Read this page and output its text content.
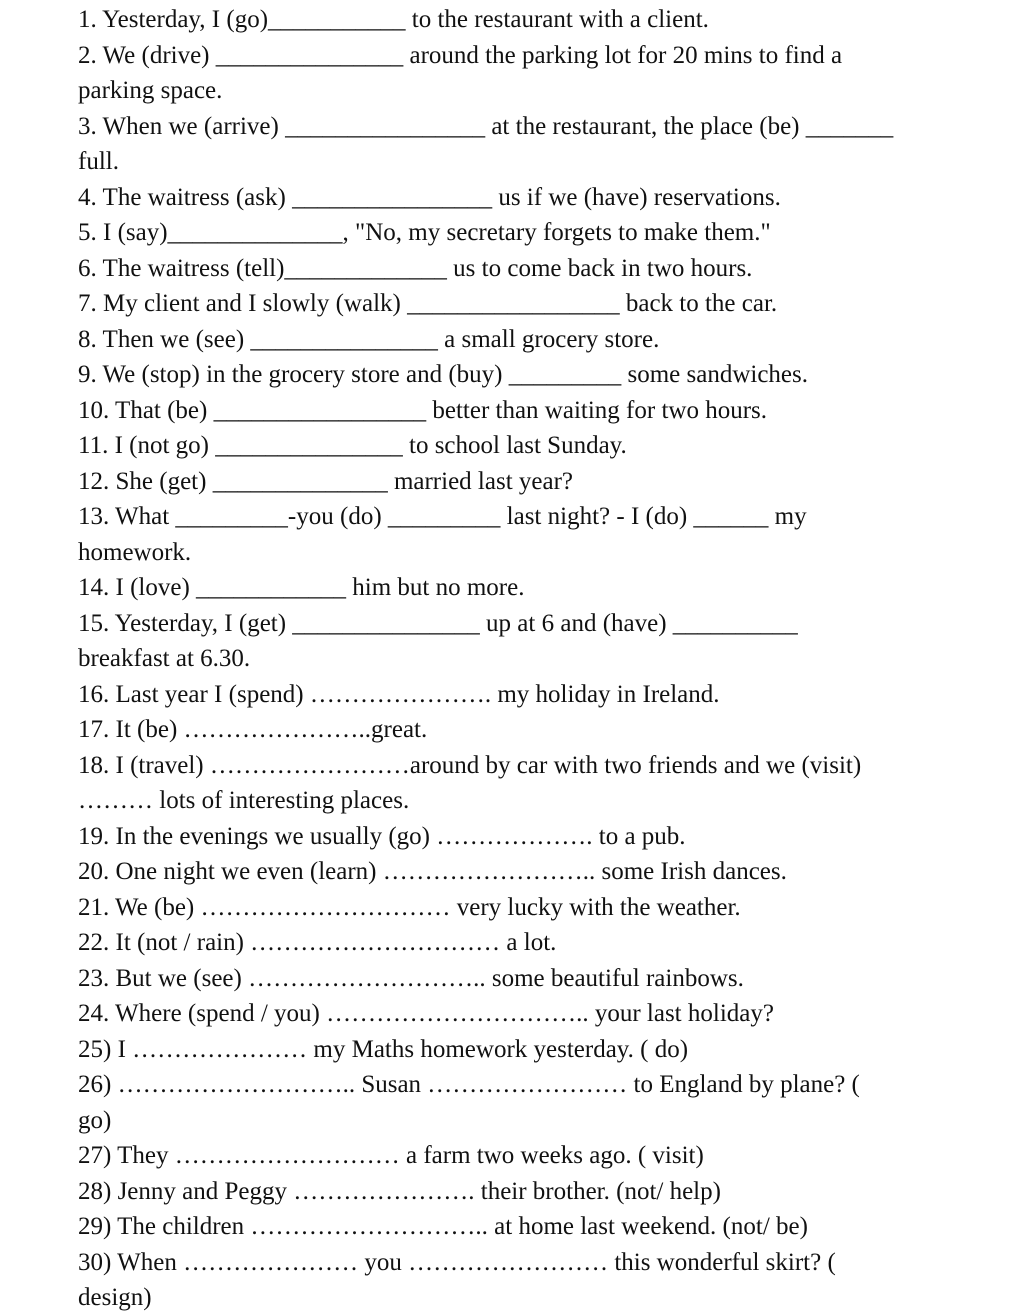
1. Yesterday, I (go)___________ to the restaurant with a client.
2. We (drive) _______________ around the parking lot for 20 mins to find a
parking space.
3. When we (arrive) ________________ at the restaurant, the place (be) _______
full.
4. The waitress (ask) ________________ us if we (have) reservations.
5. I (say)______________, "No, my secretary forgets to make them."
6. The waitress (tell)_____________ us to come back in two hours.
7. My client and I slowly (walk) _________________ back to the car.
8. Then we (see) _______________ a small grocery store.
9. We (stop) in the grocery store and (buy) _________ some sandwiches.
10. That (be) _________________ better than waiting for two hours.
11. I (not go) _______________ to school last Sunday.
12. She (get) ______________ married last year?
13. What _________-you (do) _________ last night? - I (do) ______ my
homework.
14. I (love) ____________ him but no more.
15. Yesterday, I (get) _______________ up at 6 and (have) __________
breakfast at 6.30.
16. Last year I (spend) …………………. my holiday in Ireland.
17. It (be) …………………..great.
18. I (travel) ……………………around by car with two friends and we (visit)
……… lots of interesting places.
19. In the evenings we usually (go) ………………. to a pub.
20. One night we even (learn) …………………….. some Irish dances.
21. We (be) ………………………… very lucky with the weather.
22. It (not / rain) ………………………… a lot.
23. But we (see) ……………………….. some beautiful rainbows.
24. Where (spend / you) ………………………….. your last holiday?
25) I ………………… my Maths homework yesterday. ( do)
26) ……………………….. Susan …………………… to England by plane? (
go)
27) They ……………………… a farm two weeks ago. ( visit)
28) Jenny and Peggy …………………. their brother. (not/ help)
29) The children ……………………….. at home last weekend. (not/ be)
30) When ………………… you …………………… this wonderful skirt? (
design)
